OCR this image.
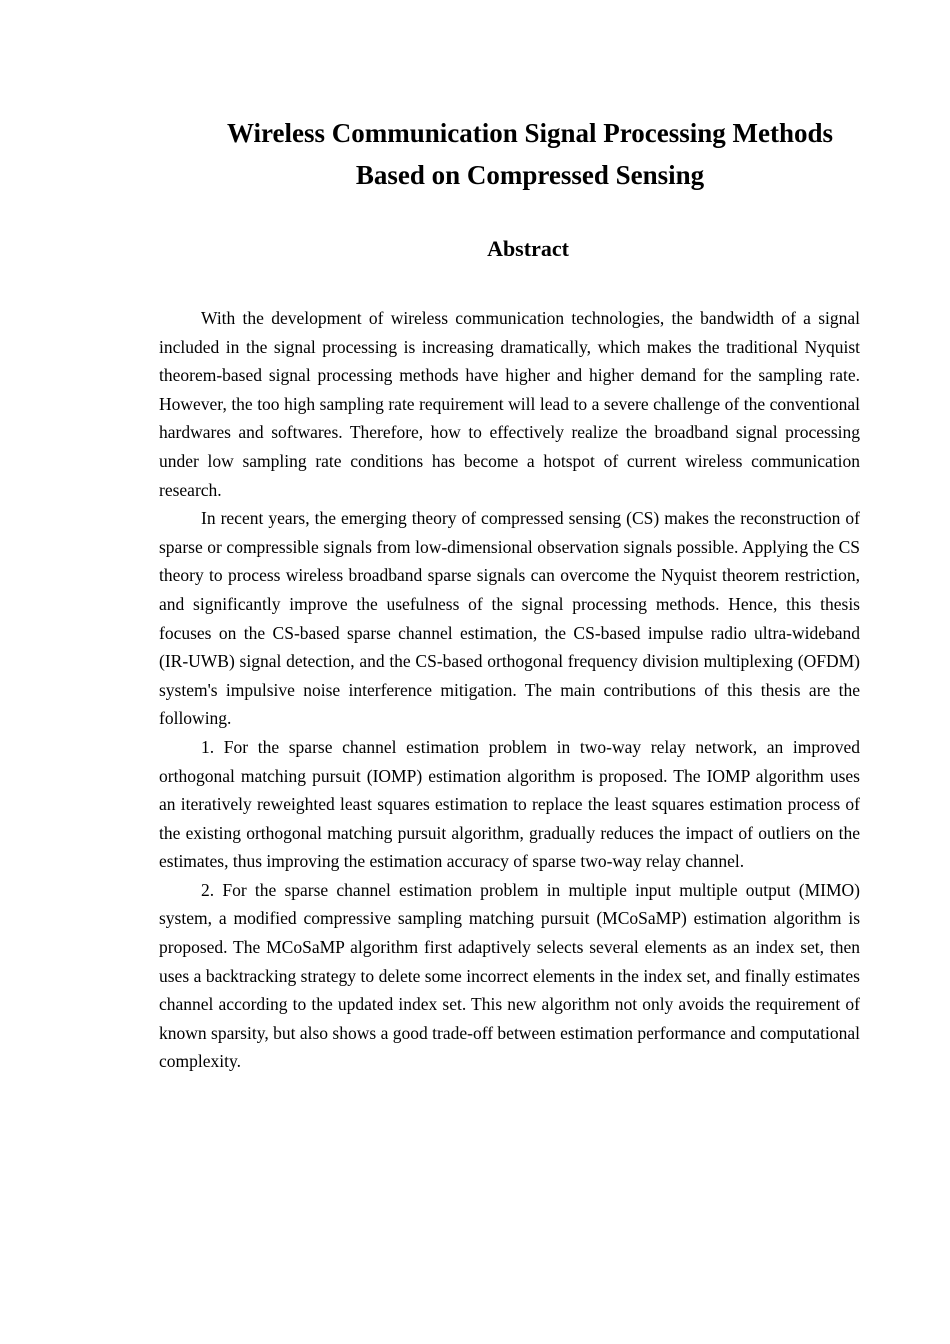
Wireless Communication Signal Processing Methods
Based on Compressed Sensing
Abstract

With the development of wireless communication technologies, the bandwidth of a signal included in the signal processing is increasing dramatically, which makes the traditional Nyquist theorem-based signal processing methods have higher and higher demand for the sampling rate. However, the too high sampling rate requirement will lead to a severe challenge of the conventional hardwares and softwares. Therefore, how to effectively realize the broadband signal processing under low sampling rate conditions has become a hotspot of current wireless communication research.

In recent years, the emerging theory of compressed sensing (CS) makes the reconstruction of sparse or compressible signals from low-dimensional observation signals possible. Applying the CS theory to process wireless broadband sparse signals can overcome the Nyquist theorem restriction, and significantly improve the usefulness of the signal processing methods. Hence, this thesis focuses on the CS-based sparse channel estimation, the CS-based impulse radio ultra-wideband (IR-UWB) signal detection, and the CS-based orthogonal frequency division multiplexing (OFDM) system's impulsive noise interference mitigation. The main contributions of this thesis are the following.

1. For the sparse channel estimation problem in two-way relay network, an improved orthogonal matching pursuit (IOMP) estimation algorithm is proposed. The IOMP algorithm uses an iteratively reweighted least squares estimation to replace the least squares estimation process of the existing orthogonal matching pursuit algorithm, gradually reduces the impact of outliers on the estimates, thus improving the estimation accuracy of sparse two-way relay channel.

2. For the sparse channel estimation problem in multiple input multiple output (MIMO) system, a modified compressive sampling matching pursuit (MCoSaMP) estimation algorithm is proposed. The MCoSaMP algorithm first adaptively selects several elements as an index set, then uses a backtracking strategy to delete some incorrect elements in the index set, and finally estimates channel according to the updated index set. This new algorithm not only avoids the requirement of known sparsity, but also shows a good trade-off between estimation performance and computational complexity.
